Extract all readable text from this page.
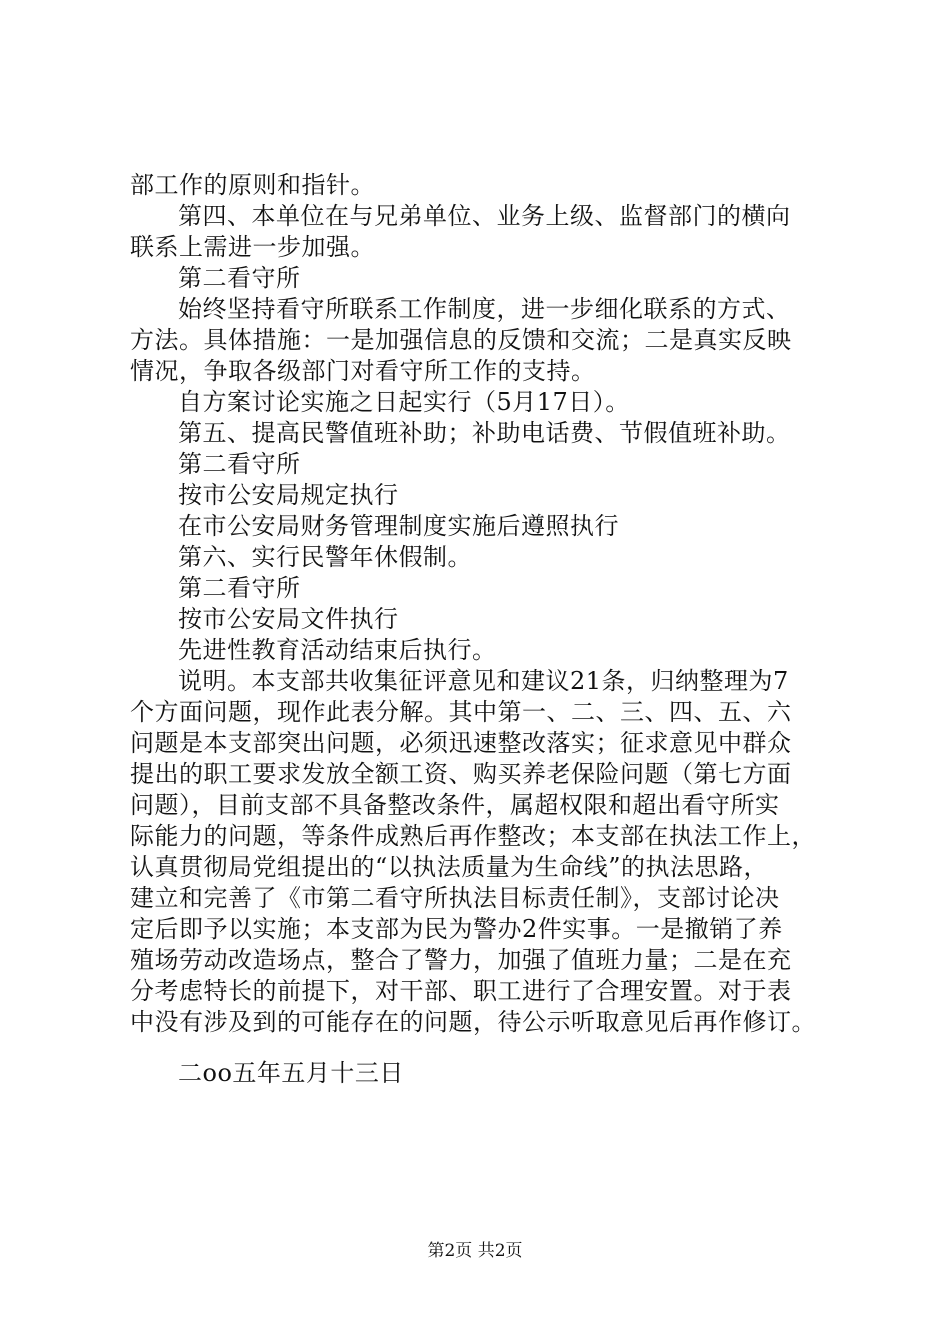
部工作的原则和指针。
第四、本单位在与兄弟单位、业务上级、监督部门的横向
联系上需进一步加强。
第二看守所
始终坚持看守所联系工作制度，进一步细化联系的方式、
方法。具体措施：一是加强信息的反馈和交流；二是真实反映
情况，争取各级部门对看守所工作的支持。
自方案讨论实施之日起实行（5月17日）。
第五、提高民警值班补助；补助电话费、节假值班补助。
第二看守所
按市公安局规定执行
在市公安局财务管理制度实施后遵照执行
第六、实行民警年休假制。
第二看守所
按市公安局文件执行
先进性教育活动结束后执行。
说明。本支部共收集征评意见和建议21条，归纳整理为7
个方面问题，现作此表分解。其中第一、二、三、四、五、六
问题是本支部突出问题，必须迅速整改落实；征求意见中群众
提出的职工要求发放全额工资、购买养老保险问题（第七方面
问题），目前支部不具备整改条件，属超权限和超出看守所实
际能力的问题，等条件成熟后再作整改；本支部在执法工作上，
认真贯彻局党组提出的“以执法质量为生命线”的执法思路，
建立和完善了《市第二看守所执法目标责任制》，支部讨论决
定后即予以实施；本支部为民为警办2件实事。一是撤销了养
殖场劳动改造场点，整合了警力，加强了值班力量；二是在充
分考虑特长的前提下，对干部、职工进行了合理安置。对于表
中没有涉及到的可能存在的问题，待公示听取意见后再作修订。
二oo五年五月十三日
第2页 共2页
